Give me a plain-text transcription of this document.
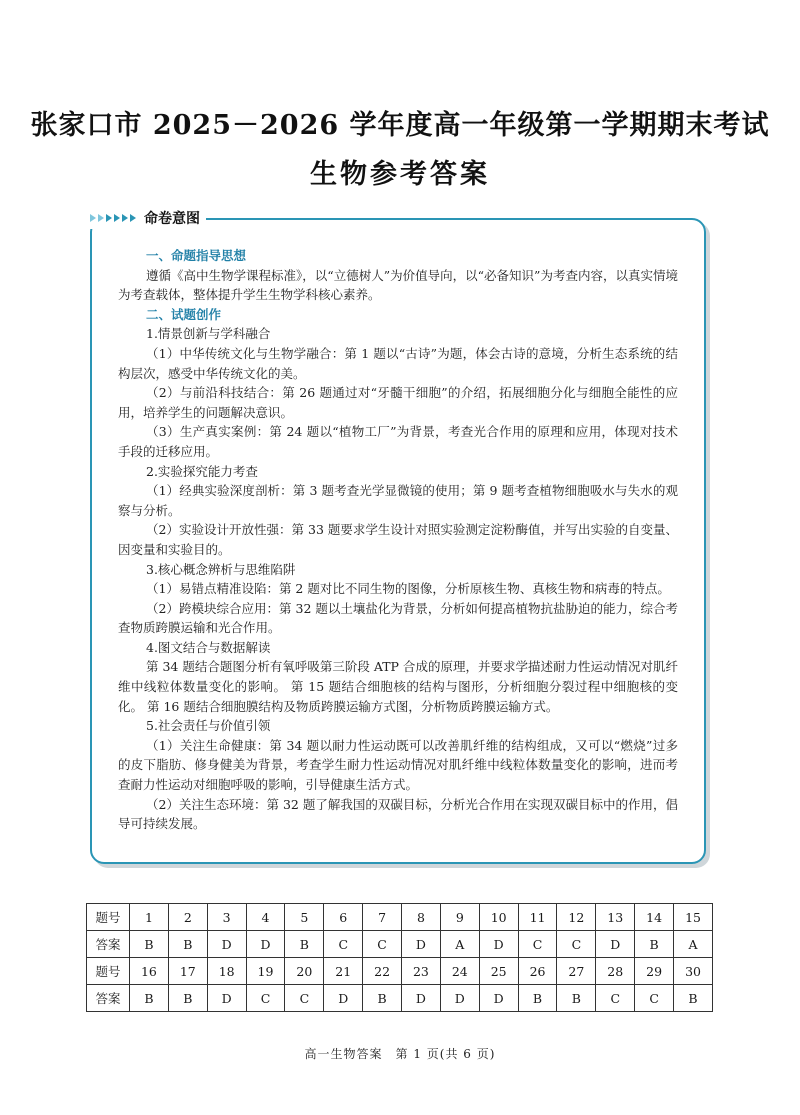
张家口市 2025－2026 学年度高一年级第一学期期末考试
生物参考答案
命卷意图

一、命题指导思想

遵循《高中生物学课程标准》，以“立德树人”为价值导向，以“必备知识”为考查内容，以真实情境为考查载体，整体提升学生生物学科核心素养。

二、试题创作

1.情景创新与学科融合

（1）中华传统文化与生物学融合：第 1 题以“古诗”为题，体会古诗的意境，分析生态系统的结构层次，感受中华传统文化的美。

（2）与前沿科技结合：第 26 题通过对“牙髓干细胞”的介绍，拓展细胞分化与细胞全能性的应用，培养学生的问题解决意识。

（3）生产真实案例：第 24 题以“植物工厂”为背景，考查光合作用的原理和应用，体现对技术手段的迁移应用。

2.实验探究能力考查

（1）经典实验深度剖析：第 3 题考查光学显微镜的使用；第 9 题考查植物细胞吸水与失水的观察与分析。

（2）实验设计开放性强：第 33 题要求学生设计对照实验测定淀粉酶值，并写出实验的自变量、因变量和实验目的。

3.核心概念辨析与思维陷阱

（1）易错点精准设陷：第 2 题对比不同生物的图像，分析原核生物、真核生物和病毒的特点。

（2）跨模块综合应用：第 32 题以土壤盐化为背景，分析如何提高植物抗盐胁迫的能力，综合考查物质跨膜运输和光合作用。

4.图文结合与数据解读

第 34 题结合题图分析有氧呼吸第三阶段 ATP 合成的原理，并要求学描述耐力性运动情况对肌纤维中线粒体数量变化的影响。 第 15 题结合细胞核的结构与图形，分析细胞分裂过程中细胞核的变化。 第 16 题结合细胞膜结构及物质跨膜运输方式图，分析物质跨膜运输方式。

5.社会责任与价值引领

（1）关注生命健康：第 34 题以耐力性运动既可以改善肌纤维的结构组成，又可以“燃烧”过多的皮下脂肪、修身健美为背景，考查学生耐力性运动情况对肌纤维中线粒体数量变化的影响，进而考查耐力性运动对细胞呼吸的影响，引导健康生活方式。

（2）关注生态环境：第 32 题了解我国的双碳目标，分析光合作用在实现双碳目标中的作用，倡导可持续发展。

题号	1	2	3	4	5	6	7	8	9	10	11	12	13	14	15
答案	B	B	D	D	B	C	C	D	A	D	C	C	D	B	A
题号	16	17	18	19	20	21	22	23	24	25	26	27	28	29	30
答案	B	B	D	C	C	D	B	D	D	D	B	B	C	C	B
高一生物答案　第 1 页(共 6 页)
